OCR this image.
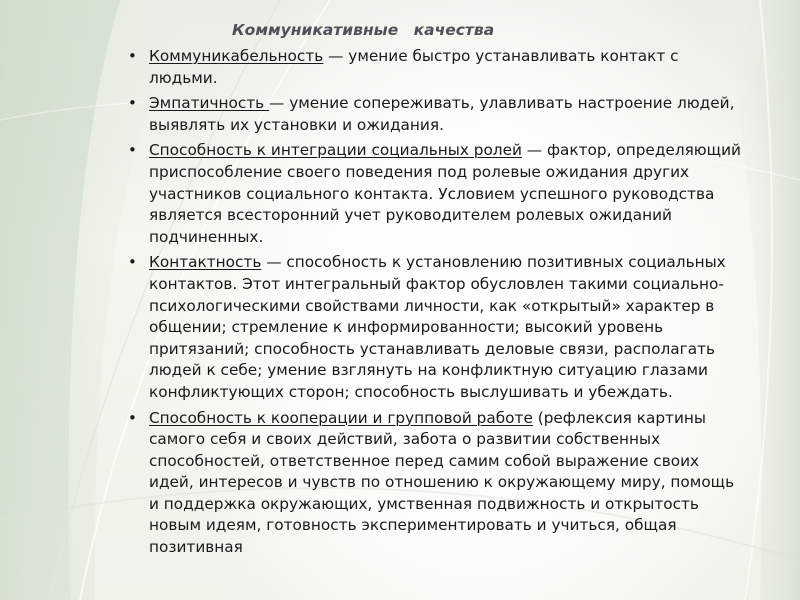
Коммуникативные качества
• Коммуникабельность — умение быстро устанавливать контакт с людьми.
• Эмпатичность — умение сопереживать, улавливать настроение людей, выявлять их установки и ожидания.
• Способность к интеграции социальных ролей — фактор, определяющий приспособление своего поведения под ролевые ожидания других участников социального контакта. Условием успешного руководства является всесторонний учет руководителем ролевых ожиданий подчиненных.
• Контактность — способность к установлению позитивных социальных контактов. Этот интегральный фактор обусловлен такими социально-психологическими свойствами личности, как «открытый» характер в общении; стремление к информированности; высокий уровень притязаний; способность устанавливать деловые связи, располагать людей к себе; умение взглянуть на конфликтную ситуацию глазами конфликтующих сторон; способность выслушивать и убеждать.
• Способность к кооперации и групповой работе (рефлексия картины самого себя и своих действий, забота о развитии собственных способностей, ответственное перед самим собой выражение своих идей, интересов и чувств по отношению к окружающему миру, помощь и поддержка окружающих, умственная подвижность и открытость новым идеям, готовность экспериментировать и учиться, общая позитивная
